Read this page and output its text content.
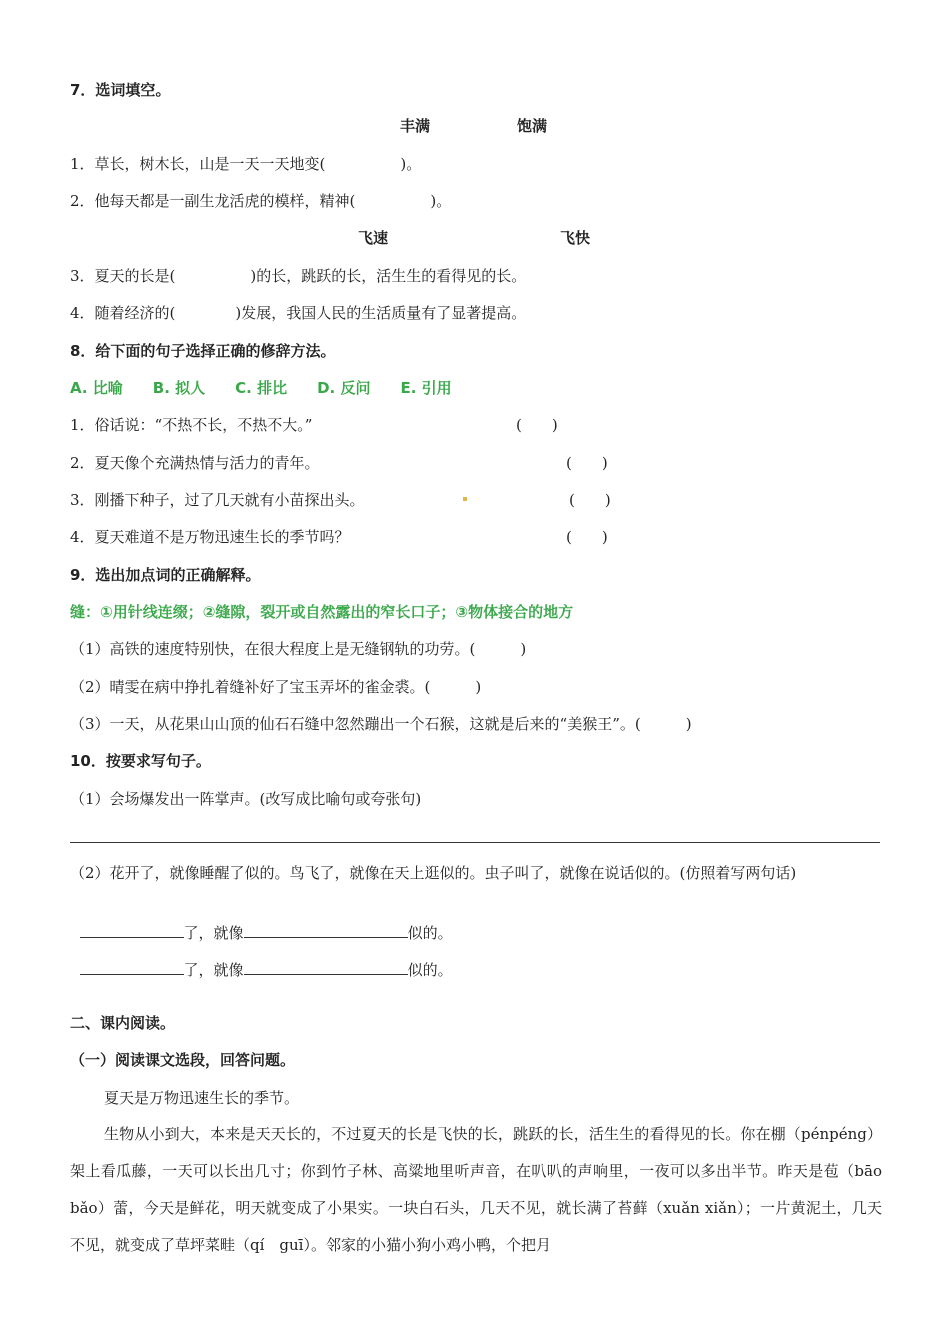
7．选词填空。
丰满	饱满
1．草长，树木长，山是一天一天地变(　　　　　)。
2．他每天都是一副生龙活虎的模样，精神(　　　　　)。
飞速	飞快
3．夏天的长是(　　　　　)的长，跳跃的长，活生生的看得见的长。
4．随着经济的(　　　　)发展，我国人民的生活质量有了显著提高。
8．给下面的句子选择正确的修辞方法。
A. 比喻　　B. 拟人　　C. 排比　　D. 反问　　E. 引用
1．俗话说：“不热不长，不热不大。”	(　　)
2．夏天像个充满热情与活力的青年。	(　　)
3．刚播下种子，过了几天就有小苗探出头。	(　　)
4．夏天难道不是万物迅速生长的季节吗？	(　　)
9．选出加点词的正确解释。
缝：①用针线连缀；②缝隙，裂开或自然露出的窄长口子；③物体接合的地方
（1）高铁的速度特别快，在很大程度上是无缝钢轨的功劳。(　　　)
（2）晴雯在病中挣扎着缝补好了宝玉弄坏的雀金裘。(　　　)
（3）一天，从花果山山顶的仙石石缝中忽然蹦出一个石猴，这就是后来的“美猴王”。(　　　)
10．按要求写句子。
（1）会场爆发出一阵掌声。(改写成比喻句或夸张句)
（2）花开了，就像睡醒了似的。鸟飞了，就像在天上逛似的。虫子叫了，就像在说话似的。(仿照着写两句话)

了，就像	似的。

了，就像	似的。

二、课内阅读。
（一）阅读课文选段，回答问题。
夏天是万物迅速生长的季节。
生物从小到大，本来是天天长的，不过夏天的长是飞快的长，跳跃的长，活生生的看得见的长。你在棚（pénpéng）架上看瓜藤，一天可以长出几寸；你到竹子林、高粱地里听声音，在叭叭的声响里，一夜可以多出半节。昨天是苞（bāo bǎo）蕾，今天是鲜花，明天就变成了小果实。一块白石头，几天不见，就长满了苔藓（xuǎn xiǎn）；一片黄泥土，几天不见，就变成了草坪菜畦（qí　guī）。邻家的小猫小狗小鸡小鸭，个把月
